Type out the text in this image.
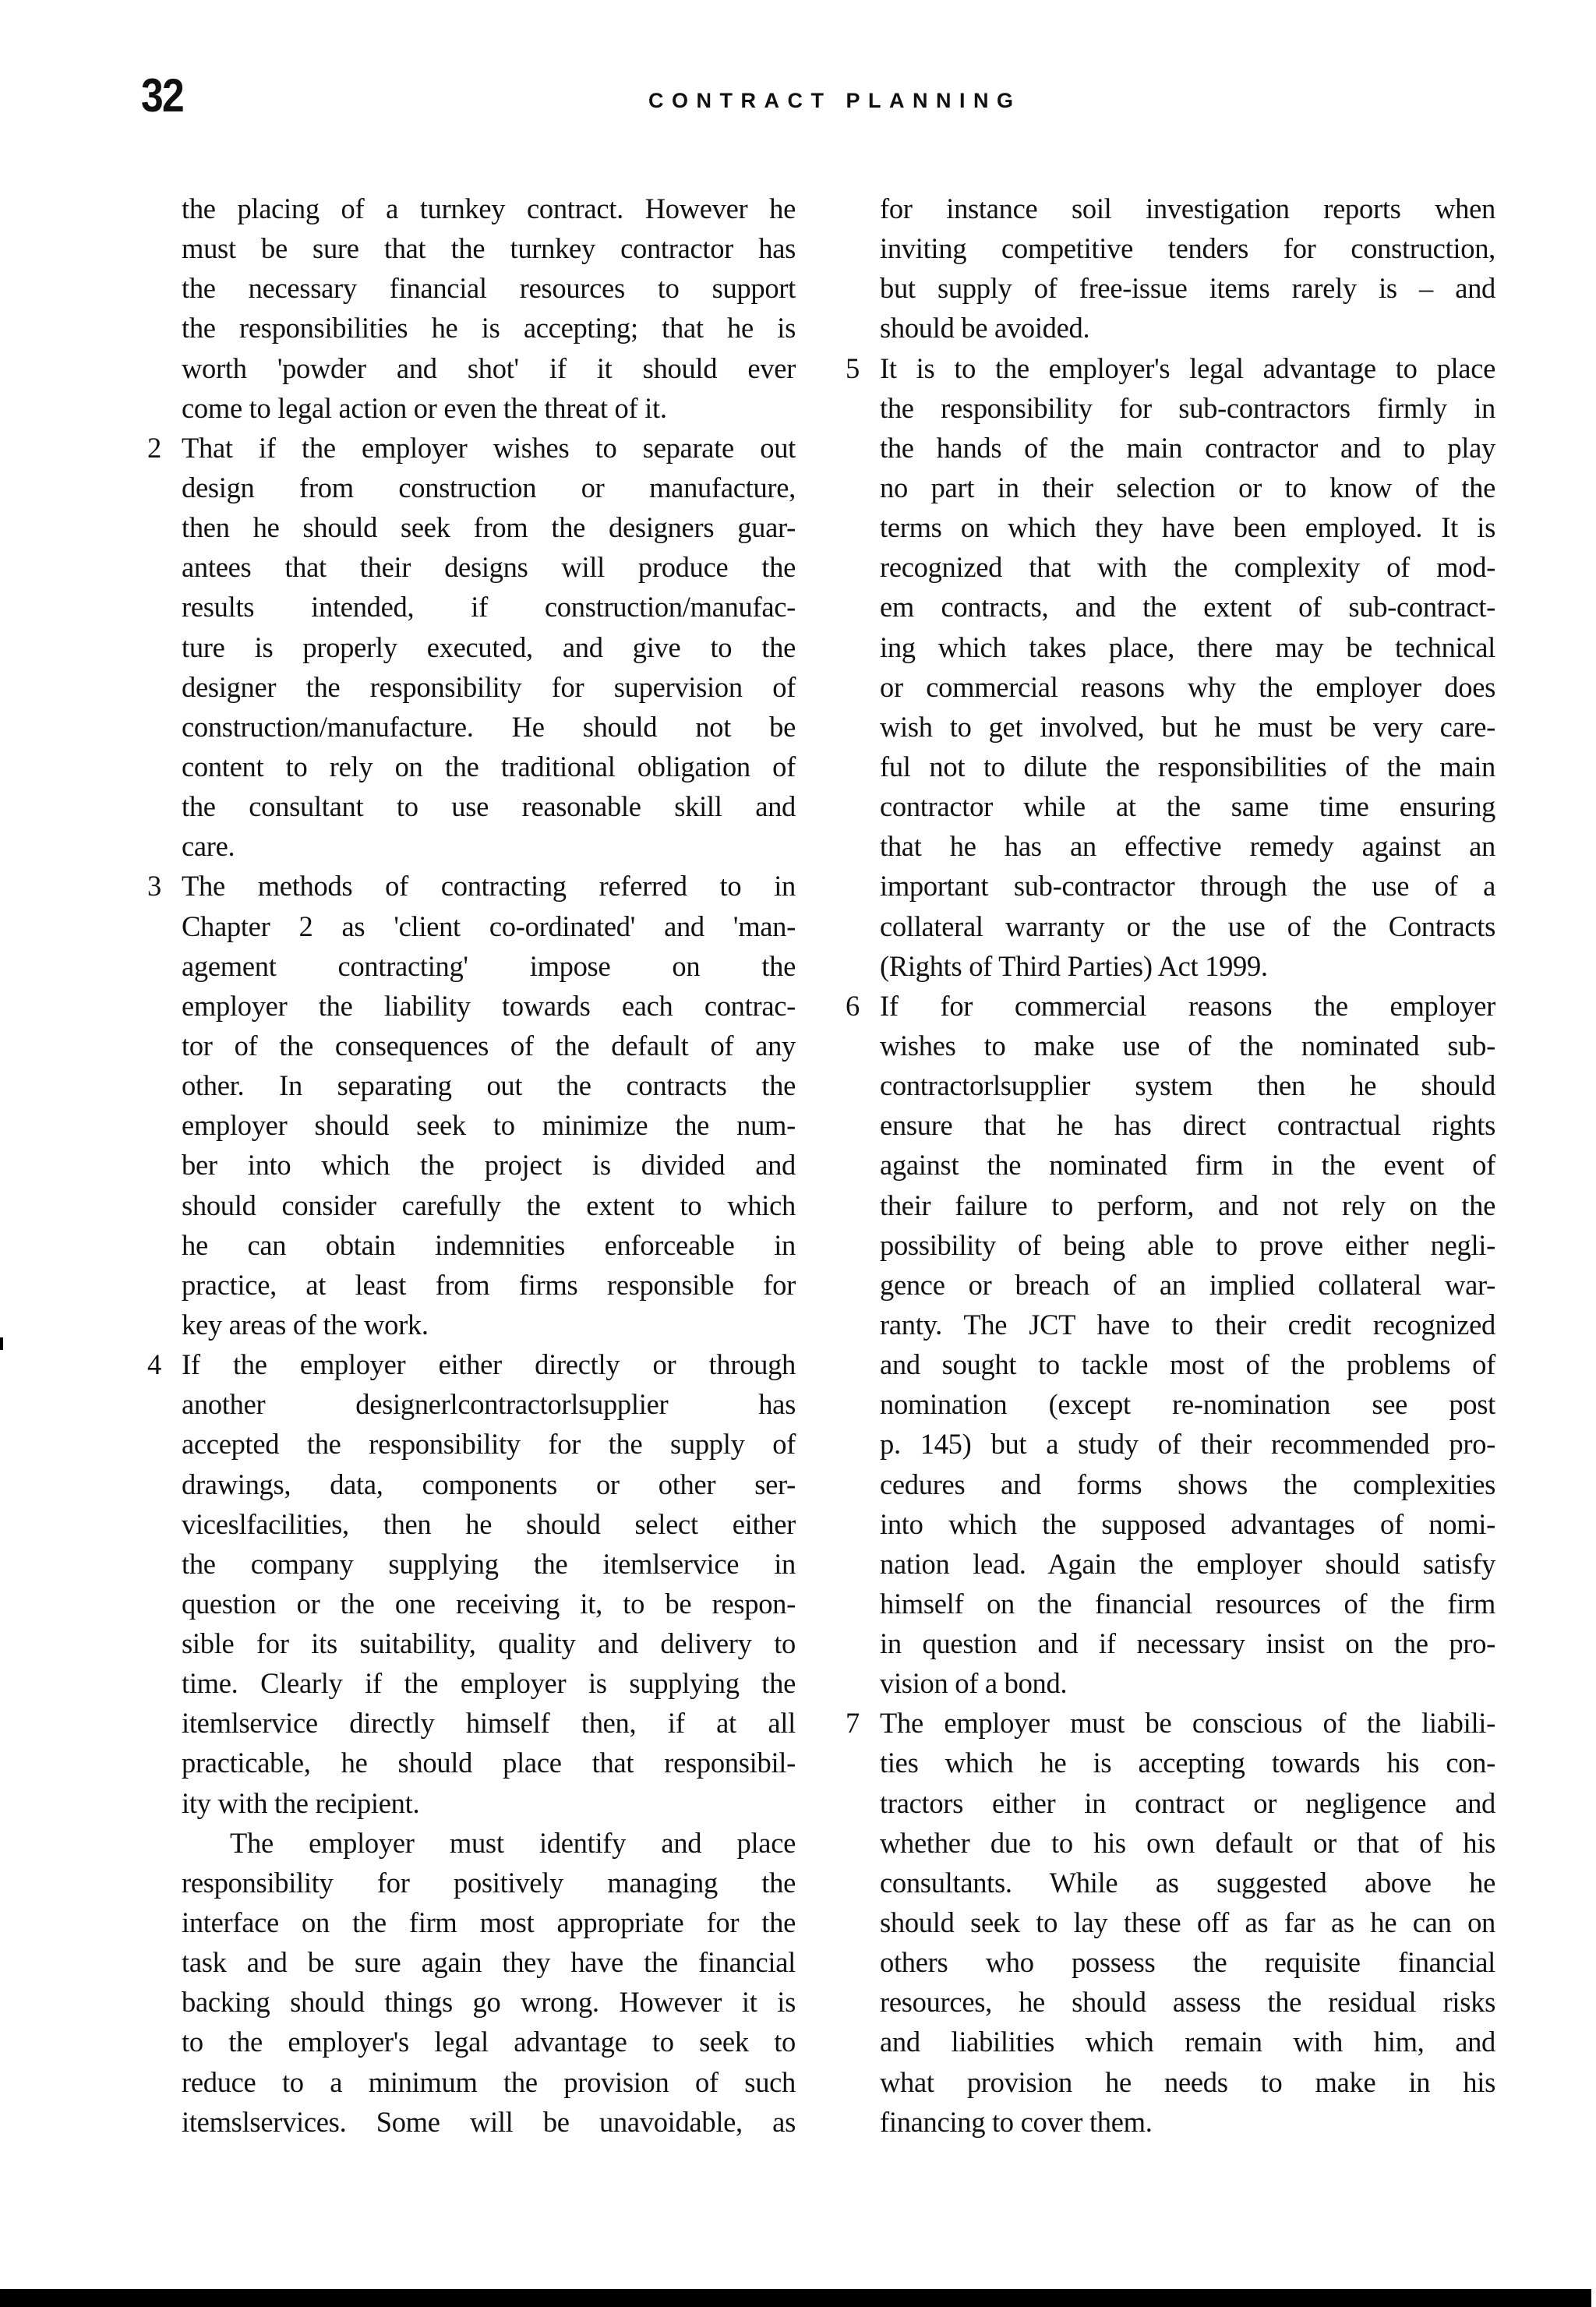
32	CONTRACT PLANNING
the placing of a turnkey contract. However he
must be sure that the turnkey contractor has
the necessary financial resources to support
the responsibilities he is accepting; that he is
worth 'powder and shot' if it should ever
come to legal action or even the threat of it.
2 That if the employer wishes to separate out
design from construction or manufacture,
then he should seek from the designers guar-
antees that their designs will produce the
results intended, if construction/manufac-
ture is properly executed, and give to the
designer the responsibility for supervision of
construction/manufacture. He should not be
content to rely on the traditional obligation of
the consultant to use reasonable skill and
care.
3 The methods of contracting referred to in
Chapter 2 as 'client co-ordinated' and 'man-
agement contracting' impose on the
employer the liability towards each contrac-
tor of the consequences of the default of any
other. In separating out the contracts the
employer should seek to minimize the num-
ber into which the project is divided and
should consider carefully the extent to which
he can obtain indemnities enforceable in
practice, at least from firms responsible for
key areas of the work.
4 If the employer either directly or through
another designerlcontractorlsupplier has
accepted the responsibility for the supply of
drawings, data, components or other ser-
viceslfacilities, then he should select either
the company supplying the itemlservice in
question or the one receiving it, to be respon-
sible for its suitability, quality and delivery to
time. Clearly if the employer is supplying the
itemlservice directly himself then, if at all
practicable, he should place that responsibil-
ity with the recipient.
The employer must identify and place
responsibility for positively managing the
interface on the firm most appropriate for the
task and be sure again they have the financial
backing should things go wrong. However it is
to the employer's legal advantage to seek to
reduce to a minimum the provision of such
itemslservices. Some will be unavoidable, as
for instance soil investigation reports when
inviting competitive tenders for construction,
but supply of free-issue items rarely is – and
should be avoided.
5 It is to the employer's legal advantage to place
the responsibility for sub-contractors firmly in
the hands of the main contractor and to play
no part in their selection or to know of the
terms on which they have been employed. It is
recognized that with the complexity of mod-
em contracts, and the extent of sub-contract-
ing which takes place, there may be technical
or commercial reasons why the employer does
wish to get involved, but he must be very care-
ful not to dilute the responsibilities of the main
contractor while at the same time ensuring
that he has an effective remedy against an
important sub-contractor through the use of a
collateral warranty or the use of the Contracts
(Rights of Third Parties) Act 1999.
6 If for commercial reasons the employer
wishes to make use of the nominated sub-
contractorlsupplier system then he should
ensure that he has direct contractual rights
against the nominated firm in the event of
their failure to perform, and not rely on the
possibility of being able to prove either negli-
gence or breach of an implied collateral war-
ranty. The JCT have to their credit recognized
and sought to tackle most of the problems of
nomination (except re-nomination see post
p. 145) but a study of their recommended pro-
cedures and forms shows the complexities
into which the supposed advantages of nomi-
nation lead. Again the employer should satisfy
himself on the financial resources of the firm
in question and if necessary insist on the pro-
vision of a bond.
7 The employer must be conscious of the liabili-
ties which he is accepting towards his con-
tractors either in contract or negligence and
whether due to his own default or that of his
consultants. While as suggested above he
should seek to lay these off as far as he can on
others who possess the requisite financial
resources, he should assess the residual risks
and liabilities which remain with him, and
what provision he needs to make in his
financing to cover them.
